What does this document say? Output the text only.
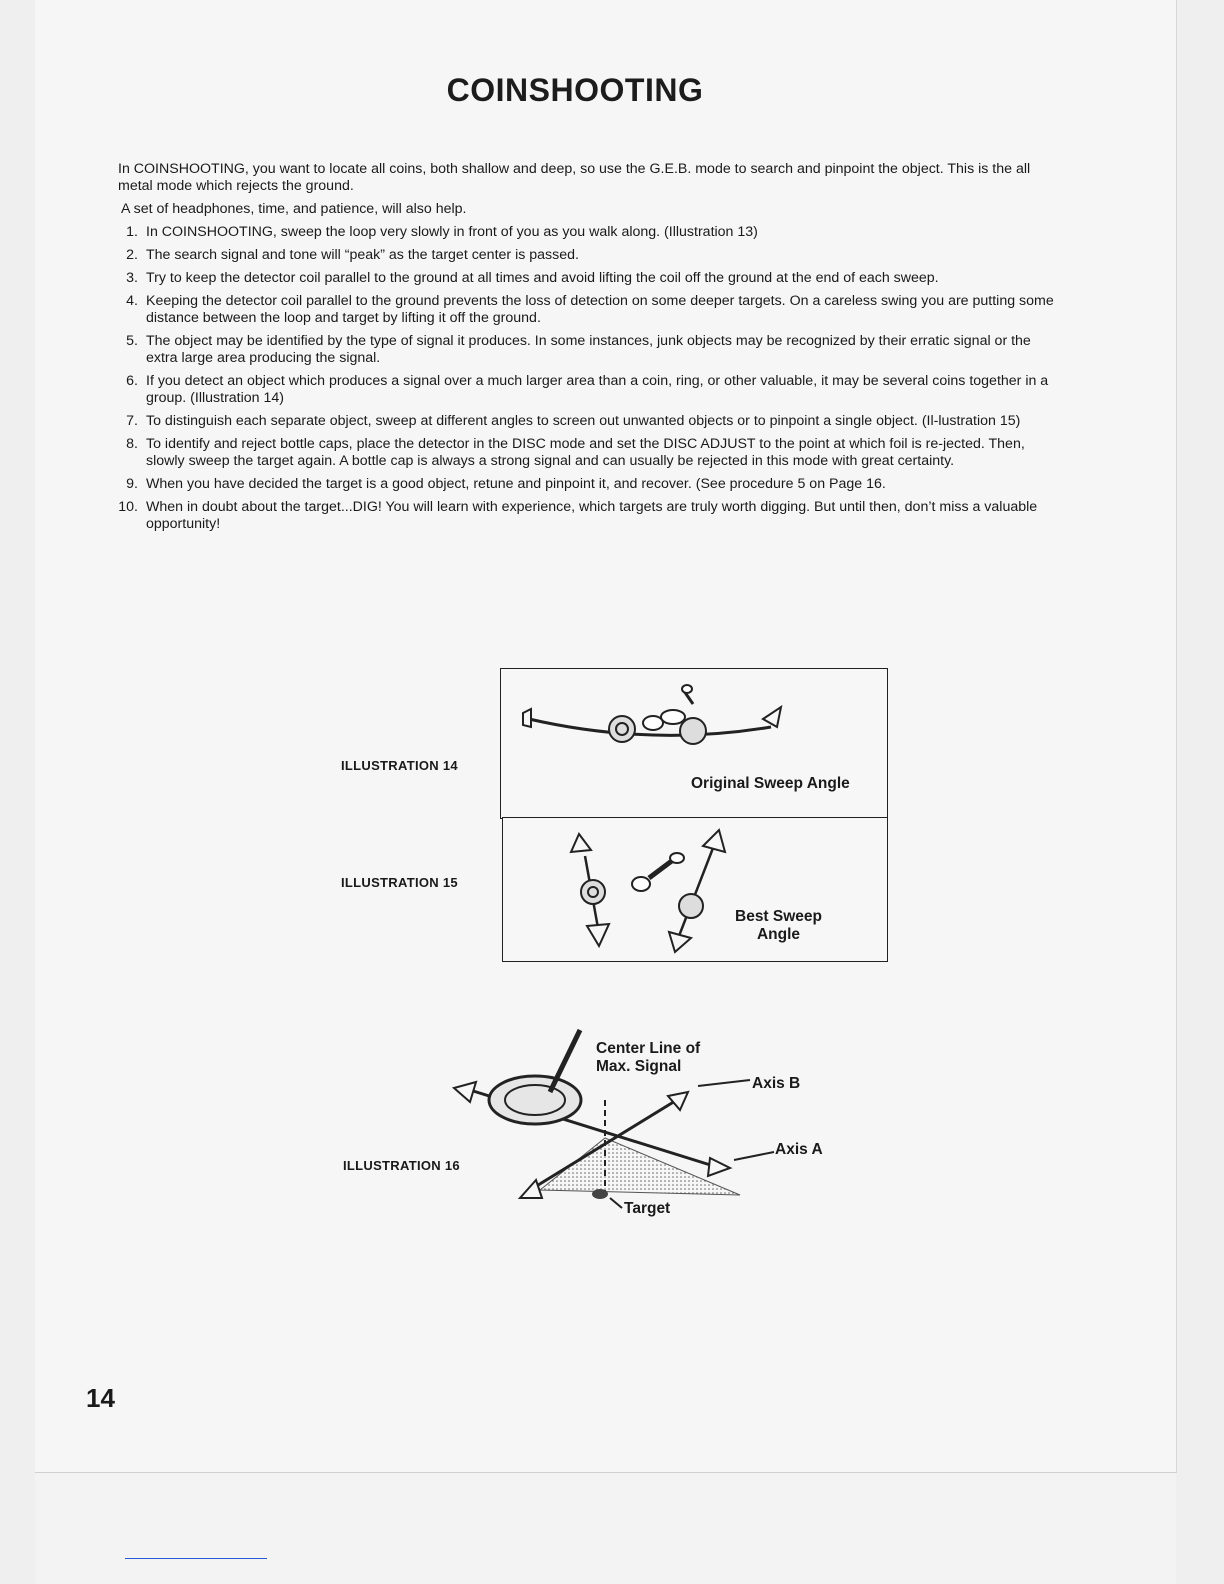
COINSHOOTING
In COINSHOOTING, you want to locate all coins, both shallow and deep, so use the G.E.B. mode to search and pinpoint the object. This is the all metal mode which rejects the ground.
A set of headphones, time, and patience, will also help.
1. In COINSHOOTING, sweep the loop very slowly in front of you as you walk along. (Illustration 13)
2. The search signal and tone will “peak” as the target center is passed.
3. Try to keep the detector coil parallel to the ground at all times and avoid lifting the coil off the ground at the end of each sweep.
4. Keeping the detector coil parallel to the ground prevents the loss of detection on some deeper targets. On a careless swing you are putting some distance between the loop and target by lifting it off the ground.
5. The object may be identified by the type of signal it produces. In some instances, junk objects may be recognized by their erratic signal or the extra large area producing the signal.
6. If you detect an object which produces a signal over a much larger area than a coin, ring, or other valuable, it may be several coins together in a group. (Illustration 14)
7. To distinguish each separate object, sweep at different angles to screen out unwanted objects or to pinpoint a single object. (Il-lustration 15)
8. To identify and reject bottle caps, place the detector in the DISC mode and set the DISC ADJUST to the point at which foil is re-jected. Then, slowly sweep the target again. A bottle cap is always a strong signal and can usually be rejected in this mode with great certainty.
9. When you have decided the target is a good object, retune and pinpoint it, and recover. (See procedure 5 on Page 16.
10. When in doubt about the target...DIG! You will learn with experience, which targets are truly worth digging. But until then, don’t miss a valuable opportunity!
ILLUSTRATION 14
Original Sweep Angle
ILLUSTRATION 15
Best Sweep
Angle
ILLUSTRATION 16
Center Line of
Max. Signal
Axis B
Axis A
Target
14
